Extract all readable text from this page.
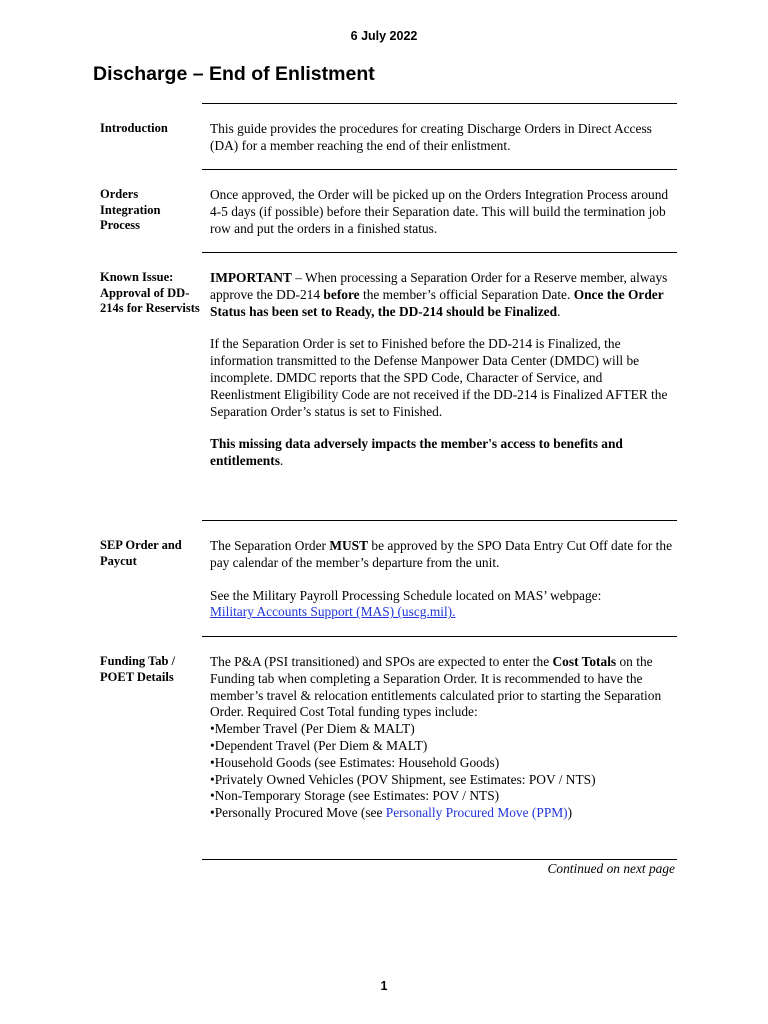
6 July 2022
Discharge – End of Enlistment
Introduction	This guide provides the procedures for creating Discharge Orders in Direct Access (DA) for a member reaching the end of their enlistment.

Orders Integration Process

Once approved, the Order will be picked up on the Orders Integration Process around 4-5 days (if possible) before their Separation date. This will build the termination job row and put the orders in a finished status.

Known Issue: Approval of DD-214s for Reservists

IMPORTANT – When processing a Separation Order for a Reserve member, always approve the DD-214 before the member’s official Separation Date. Once the Order Status has been set to Ready, the DD-214 should be Finalized.

If the Separation Order is set to Finished before the DD-214 is Finalized, the information transmitted to the Defense Manpower Data Center (DMDC) will be incomplete. DMDC reports that the SPD Code, Character of Service, and Reenlistment Eligibility Code are not received if the DD-214 is Finalized AFTER the Separation Order’s status is set to Finished.

This missing data adversely impacts the member's access to benefits and entitlements.

SEP Order and Paycut

The Separation Order MUST be approved by the SPO Data Entry Cut Off date for the pay calendar of the member’s departure from the unit.

See the Military Payroll Processing Schedule located on MAS’ webpage:
Military Accounts Support (MAS) (uscg.mil).

Funding Tab / POET Details

The P&A (PSI transitioned) and SPOs are expected to enter the Cost Totals on the Funding tab when completing a Separation Order. It is recommended to have the member’s travel & relocation entitlements calculated prior to starting the Separation Order. Required Cost Total funding types include:

• Member Travel (Per Diem & MALT)
• Dependent Travel (Per Diem & MALT)
• Household Goods (see Estimates: Household Goods)
• Privately Owned Vehicles (POV Shipment, see Estimates: POV / NTS)
• Non-Temporary Storage (see Estimates: POV / NTS)
• Personally Procured Move (see Personally Procured Move (PPM))
Continued on next page
1
